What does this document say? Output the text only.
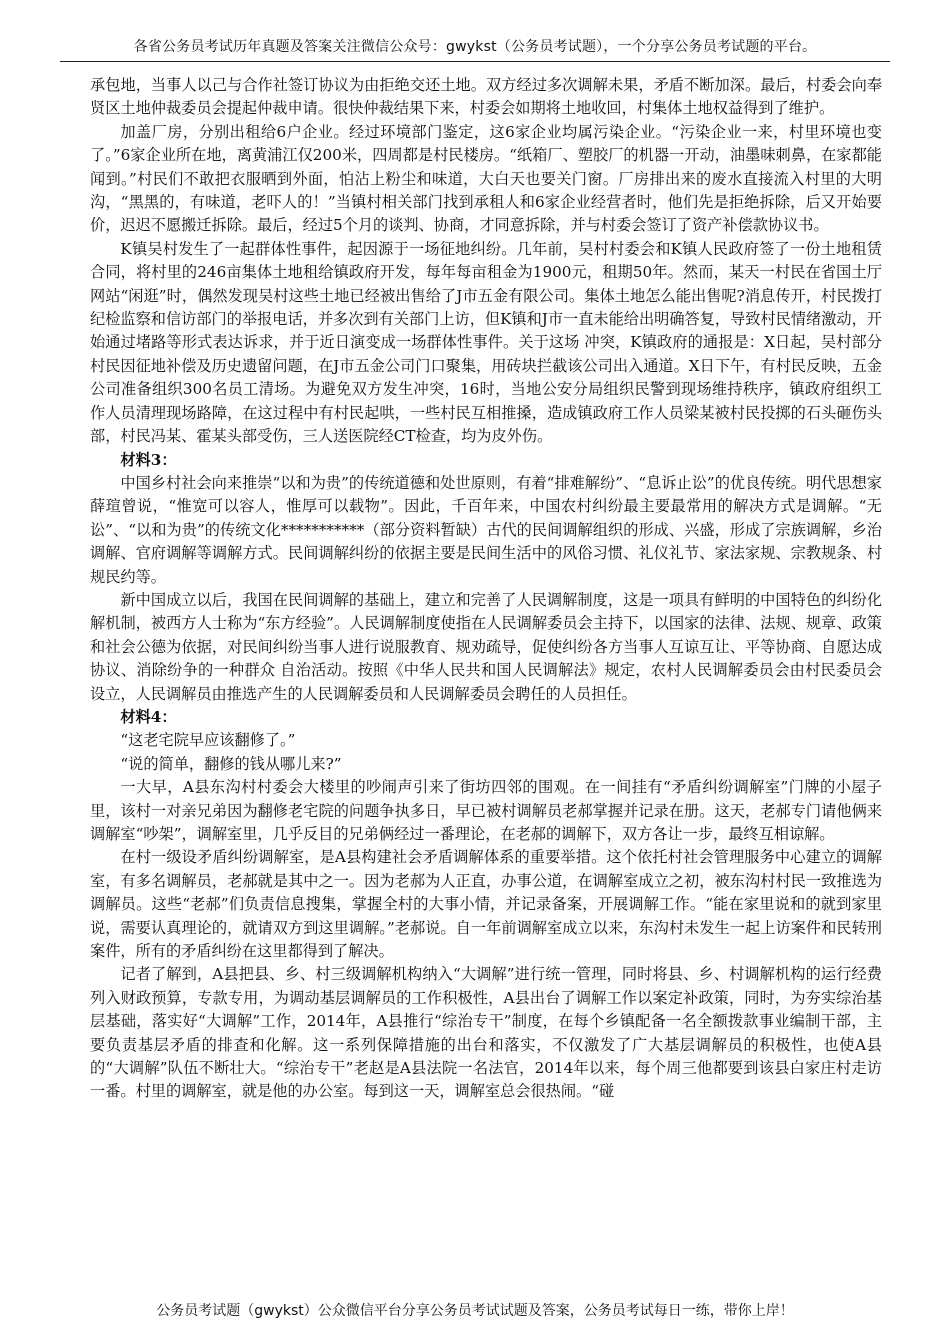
各省公务员考试历年真题及答案关注微信公众号：gwykst（公务员考试题），一个分享公务员考试题的平台。

承包地，当事人以己与合作社签订协议为由拒绝交还土地。双方经过多次调解未果，矛盾不断加深。最后，村委会向奉贤区土地仲裁委员会提起仲裁申请。很快仲裁结果下来，村委会如期将土地收回，村集体土地权益得到了维护。

加盖厂房，分别出租给6户企业。经过环境部门鉴定，这6家企业均属污染企业。“污染企业一来，村里环境也变了。”6家企业所在地，离黄浦江仅200米，四周都是村民楼房。“纸箱厂、塑胶厂的机器一开动，油墨味刺鼻，在家都能闻到。”村民们不敢把衣服晒到外面，怕沾上粉尘和味道，大白天也要关门窗。厂房排出来的废水直接流入村里的大明沟，“黑黑的，有味道，老吓人的！”当镇村相关部门找到承租人和6家企业经营者时，他们先是拒绝拆除，后又开始要价，迟迟不愿搬迁拆除。最后，经过5个月的谈判、协商，才同意拆除，并与村委会签订了资产补偿款协议书。

K镇吴村发生了一起群体性事件，起因源于一场征地纠纷。几年前，吴村村委会和K镇人民政府签了一份土地租赁合同，将村里的246亩集体土地租给镇政府开发，每年每亩租金为1900元，租期50年。然而，某天一村民在省国土厅网站“闲逛”时，偶然发现吴村这些土地已经被出售给了J市五金有限公司。集体土地怎么能出售呢?消息传开，村民拨打纪检监察和信访部门的举报电话，并多次到有关部门上访，但K镇和J市一直未能给出明确答复，导致村民情绪激动，开始通过堵路等形式表达诉求，并于近日演变成一场群体性事件。关于这场 冲突，K镇政府的通报是：X日起，吴村部分村民因征地补偿及历史遗留问题，在J市五金公司门口聚集，用砖块拦截该公司出入通道。X日下午，有村民反映，五金公司准备组织300名员工清场。为避免双方发生冲突，16时，当地公安分局组织民警到现场维持秩序，镇政府组织工作人员清理现场路障，在这过程中有村民起哄，一些村民互相推搡，造成镇政府工作人员梁某被村民投掷的石头砸伤头部，村民冯某、霍某头部受伤，三人送医院经CT检查，均为皮外伤。

材料3：

中国乡村社会向来推崇“以和为贵”的传统道德和处世原则，有着“排难解纷”、“息诉止讼”的优良传统。明代思想家薛瑄曾说，“惟宽可以容人，惟厚可以载物”。因此，千百年来，中国农村纠纷最主要最常用的解决方式是调解。“无讼”、“以和为贵”的传统文化***********（部分资料暂缺）古代的民间调解组织的形成、兴盛，形成了宗族调解，乡治调解、官府调解等调解方式。民间调解纠纷的依据主要是民间生活中的风俗习惯、礼仪礼节、家法家规、宗教规条、村规民约等。

新中国成立以后，我国在民间调解的基础上，建立和完善了人民调解制度，这是一项具有鲜明的中国特色的纠纷化解机制，被西方人士称为“东方经验”。人民调解制度使指在人民调解委员会主持下，以国家的法律、法规、规章、政策和社会公德为依据，对民间纠纷当事人进行说服教育、规劝疏导，促使纠纷各方当事人互谅互让、平等协商、自愿达成协议、消除纷争的一种群众 自治活动。按照《中华人民共和国人民调解法》规定，农村人民调解委员会由村民委员会设立，人民调解员由推选产生的人民调解委员和人民调解委员会聘任的人员担任。

材料4：

“这老宅院早应该翻修了。”

“说的简单，翻修的钱从哪儿来?”

一大早，A县东沟村村委会大楼里的吵闹声引来了街坊四邻的围观。在一间挂有“矛盾纠纷调解室”门牌的小屋子里，该村一对亲兄弟因为翻修老宅院的问题争执多日，早已被村调解员老郝掌握并记录在册。这天，老郝专门请他俩来调解室“吵架”，调解室里，几乎反目的兄弟俩经过一番理论，在老郝的调解下，双方各让一步，最终互相谅解。

在村一级设矛盾纠纷调解室，是A县构建社会矛盾调解体系的重要举措。这个依托村社会管理服务中心建立的调解室，有多名调解员，老郝就是其中之一。因为老郝为人正直，办事公道，在调解室成立之初，被东沟村村民一致推选为调解员。这些“老郝”们负责信息搜集，掌握全村的大事小情，并记录备案，开展调解工作。“能在家里说和的就到家里说，需要认真理论的，就请双方到这里调解。”老郝说。自一年前调解室成立以来，东沟村未发生一起上访案件和民转刑案件，所有的矛盾纠纷在这里都得到了解决。

记者了解到，A县把县、乡、村三级调解机构纳入“大调解”进行统一管理，同时将县、乡、村调解机构的运行经费列入财政预算，专款专用，为调动基层调解员的工作积极性，A县出台了调解工作以案定补政策，同时，为夯实综治基层基础，落实好“大调解”工作，2014年，A县推行“综治专干”制度，在每个乡镇配备一名全额拨款事业编制干部，主要负责基层矛盾的排查和化解。这一系列保障措施的出台和落实，不仅激发了广大基层调解员的积极性，也使A县的“大调解”队伍不断壮大。“综治专干”老赵是A县法院一名法官，2014年以来，每个周三他都要到该县白家庄村走访一番。村里的调解室，就是他的办公室。每到这一天，调解室总会很热闹。“碰

公务员考试题（gwykst）公众微信平台分享公务员考试试题及答案，公务员考试每日一练，带你上岸！
